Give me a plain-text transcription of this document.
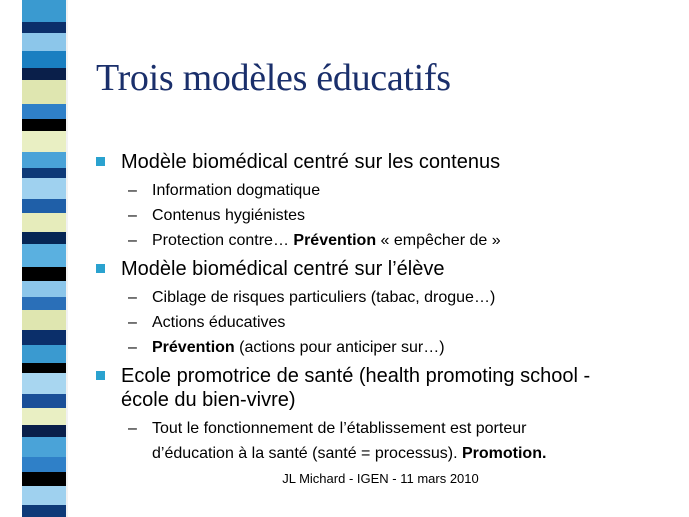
Trois modèles éducatifs
Modèle biomédical centré sur les contenus
– Information dogmatique
– Contenus hygiénistes
– Protection contre… Prévention « empêcher de »
Modèle biomédical centré sur l’élève
– Ciblage de risques particuliers (tabac, drogue…)
– Actions éducatives
– Prévention (actions pour anticiper sur…)
Ecole promotrice de santé (health promoting school -
école du bien-vivre)
– Tout le fonctionnement de l’établissement est porteur
d’éducation à la santé (santé = processus). Promotion.
JL Michard - IGEN - 11 mars 2010
